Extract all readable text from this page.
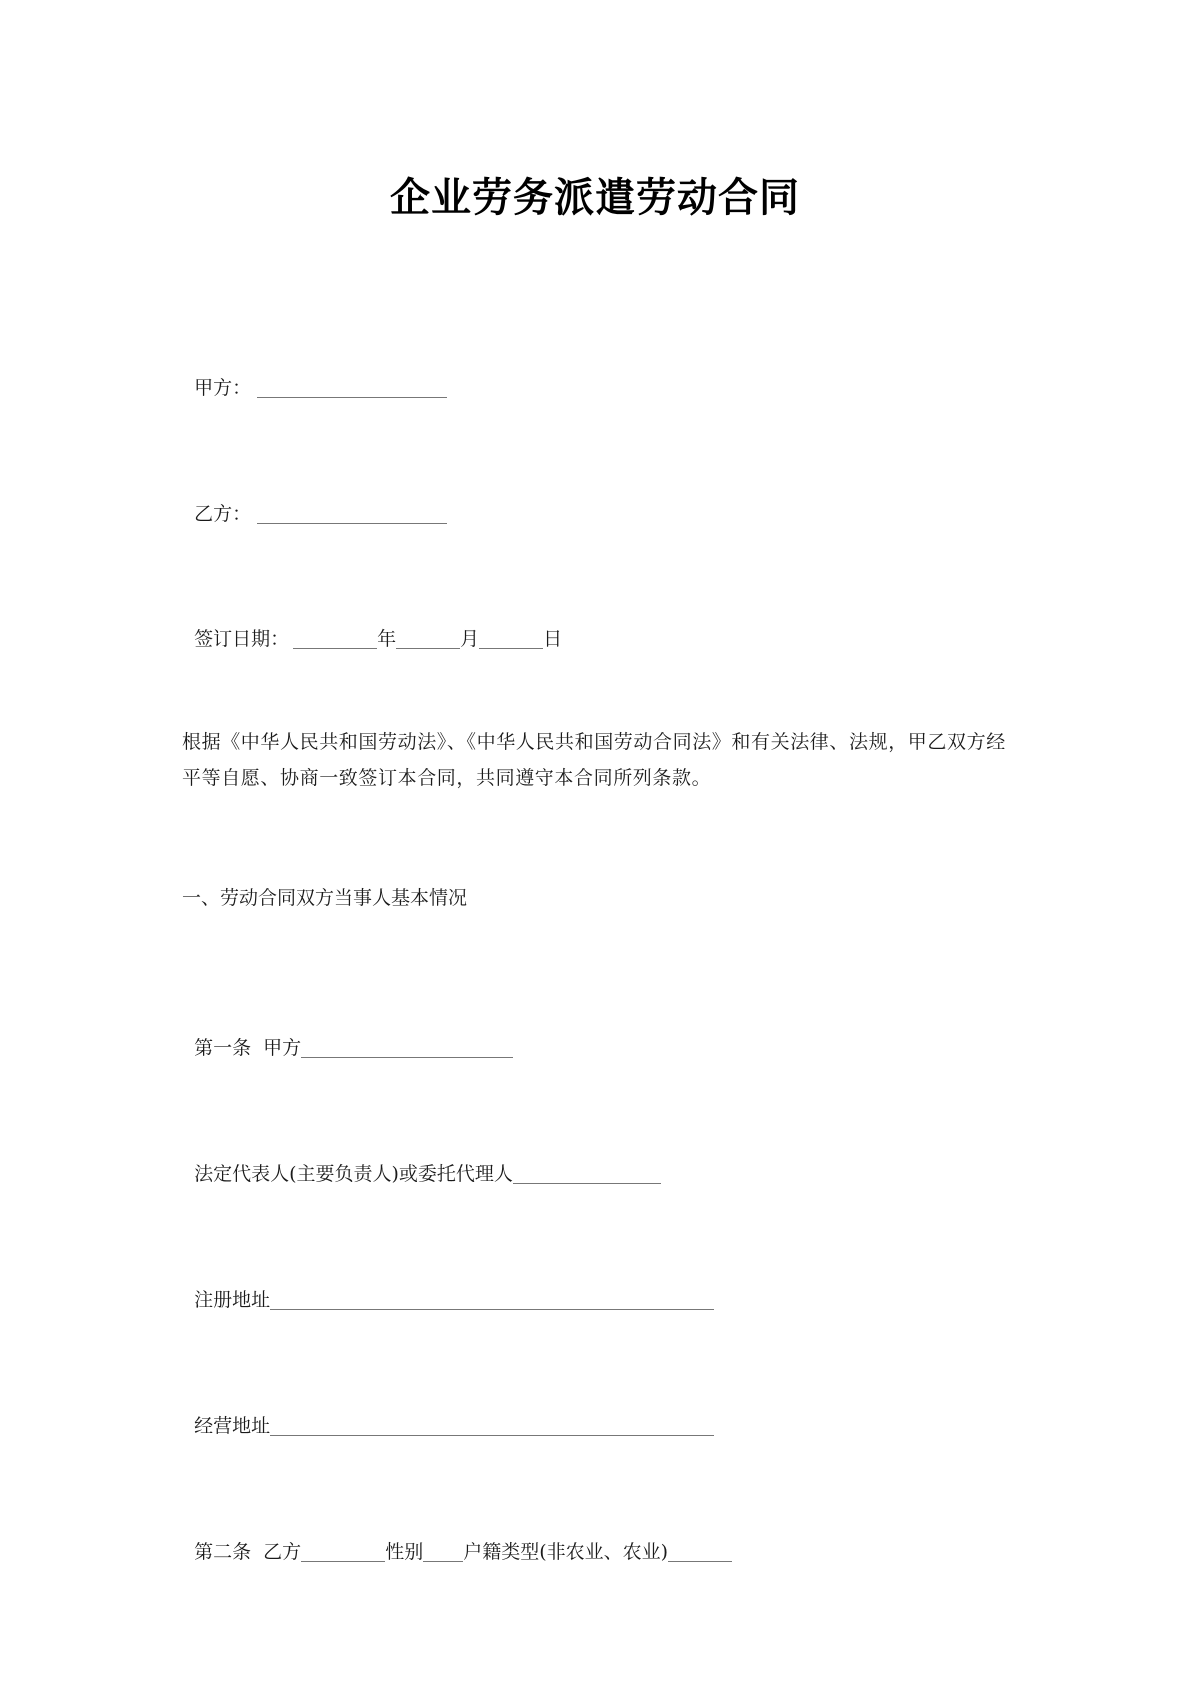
企业劳务派遣劳动合同

甲方：

乙方：

签订日期：	年	月	日

根据《中华人民共和国劳动法》、《中华人民共和国劳动合同法》和有关法律、法规，甲乙双方经平等自愿、协商一致签订本合同，共同遵守本合同所列条款。
一、劳动合同双方当事人基本情况

第一条  甲方

法定代表人(主要负责人)或委托代理人

注册地址

经营地址

第二条  乙方	性别 户籍类型(非农业、农业)
